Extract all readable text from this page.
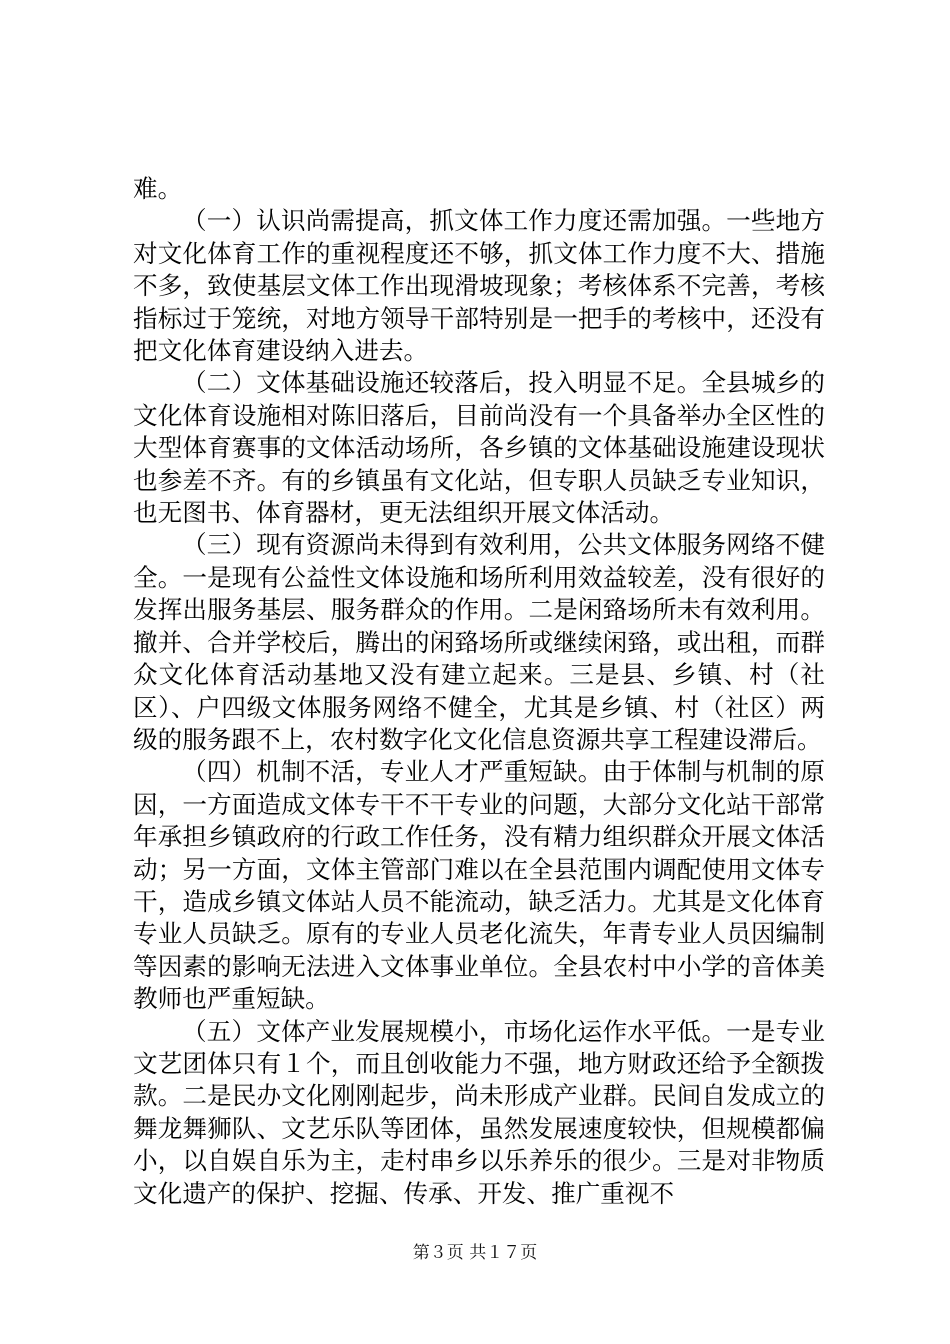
难。

（一）认识尚需提高，抓文体工作力度还需加强。一些地方对文化体育工作的重视程度还不够，抓文体工作力度不大、措施不多，致使基层文体工作出现滑坡现象；考核体系不完善，考核指标过于笼统，对地方领导干部特别是一把手的考核中，还没有把文化体育建设纳入进去。

（二）文体基础设施还较落后，投入明显不足。全县城乡的文化体育设施相对陈旧落后，目前尚没有一个具备举办全区性的大型体育赛事的文体活动场所，各乡镇的文体基础设施建设现状也参差不齐。有的乡镇虽有文化站，但专职人员缺乏专业知识，也无图书、体育器材，更无法组织开展文体活动。

（三）现有资源尚未得到有效利用，公共文体服务网络不健全。一是现有公益性文体设施和场所利用效益较差，没有很好的发挥出服务基层、服务群众的作用。二是闲臵场所未有效利用。撤并、合并学校后，腾出的闲臵场所或继续闲臵，或出租，而群众文化体育活动基地又没有建立起来。三是县、乡镇、村（社区）、户四级文体服务网络不健全，尤其是乡镇、村（社区）两级的服务跟不上，农村数字化文化信息资源共享工程建设滞后。

（四）机制不活，专业人才严重短缺。由于体制与机制的原因，一方面造成文体专干不干专业的问题，大部分文化站干部常年承担乡镇政府的行政工作任务，没有精力组织群众开展文体活动；另一方面，文体主管部门难以在全县范围内调配使用文体专干，造成乡镇文体站人员不能流动，缺乏活力。尤其是文化体育专业人员缺乏。原有的专业人员老化流失，年青专业人员因编制等因素的影响无法进入文体事业单位。全县农村中小学的音体美教师也严重短缺。

（五）文体产业发展规模小，市场化运作水平低。一是专业文艺团体只有１个，而且创收能力不强，地方财政还给予全额拨款。二是民办文化刚刚起步，尚未形成产业群。民间自发成立的舞龙舞狮队、文艺乐队等团体，虽然发展速度较快，但规模都偏小，以自娱自乐为主，走村串乡以乐养乐的很少。三是对非物质文化遗产的保护、挖掘、传承、开发、推广重视不

第３页 共１７页
